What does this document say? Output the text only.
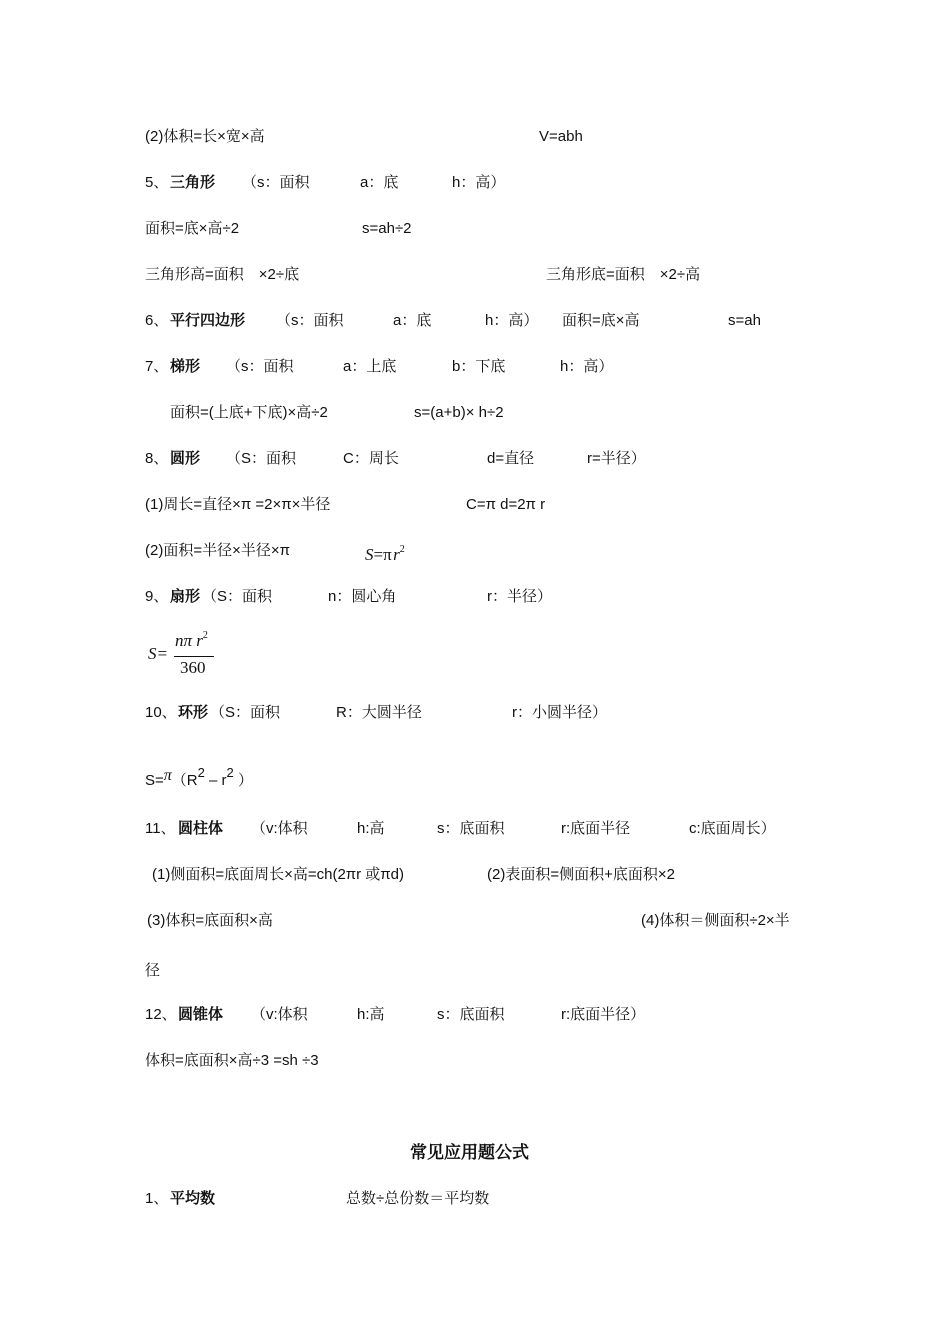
(2)体积=长×宽×高	V=abh
5、 三角形 （s：面积	a：底	h：高）
面积=底×高÷2	s=ah÷2
三角形高=面积　×2÷底	三角形底=面积　×2÷高
6、 平行四边形 （s：面积	a：底	h：高） 面积=底×高	s=ah
7、 梯形 （s：面积	a：上底	b：下底	h：高）
面积=(上底+下底)×高÷2	s=(a+b)× h÷2
8、 圆形 （S：面积	C：周长	d=直径	r=半径）
(1)周长=直径×π =2×π×半径	C=π d=2π r
(2)面积=半径×半径×π	S=π $r^2$
9、 扇形 （S：面积	n：圆心角	r：半径）
S=
nπ $r^2$
360
10、 环形 （S：面积	R：大圆半径	r：小圆半径）
$S=\pi(R^2 - r^2$ ）
11、 圆柱体 （v:体积	h:高	s：底面积	r:底面半径	c:底面周长）
(1)侧面积=底面周长×高=ch(2πr 或πd)	(2)表面积=侧面积+底面积×2
(3)体积=底面积×高	(4)体积＝侧面积÷2×半
径
12、 圆锥体 （v:体积	h:高	s：底面积	r:底面半径）
体积=底面积×高÷3 =sh ÷3
常见应用题公式
1、 平均数	总数÷总份数＝平均数
